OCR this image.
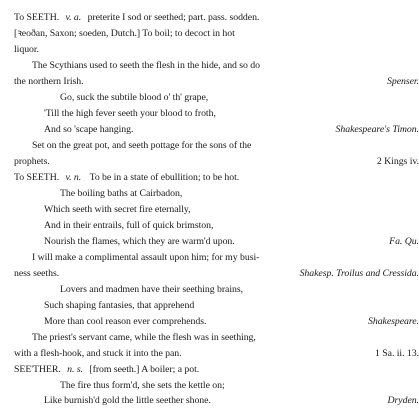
To SEETH. v. a. preterite I sod or seethed; part. pass. sodden.
[ꝛeoðan, Saxon; soeden, Dutch.] To boil; to decoct in hot
liquor.
The Scythians used to seeth the flesh in the hide, and so do
the northern Irish.	Spenser.
Go, suck the subtile blood o' th' grape,
'Till the high fever seeth your blood to froth,
And so 'scape hanging.	Shakespeare's Timon.
Set on the great pot, and seeth pottage for the sons of the
prophets.	2 Kings iv.
To SEETH. v. n. To be in a state of ebullition; to be hot.
The boiling baths at Cairbadon,
Which seeth with secret fire eternally,
And in their entrails, full of quick brimston,
Nourish the flames, which they are warm'd upon.	Fa. Qu.
I will make a complimental assault upon him; for my busi-
ness seeths.	Shakesp. Troilus and Cressida.
Lovers and madmen have their seething brains,
Such shaping fantasies, that apprehend
More than cool reason ever comprehends.	Shakespeare.
The priest's servant came, while the flesh was in seething,
with a flesh-hook, and stuck it into the pan.	1 Sa. ii. 13.
SEE'THER. n. s. [from seeth.] A boiler; a pot.
The fire thus form'd, she sets the kettle on;
Like burnish'd gold the little seether shone.	Dryden.
